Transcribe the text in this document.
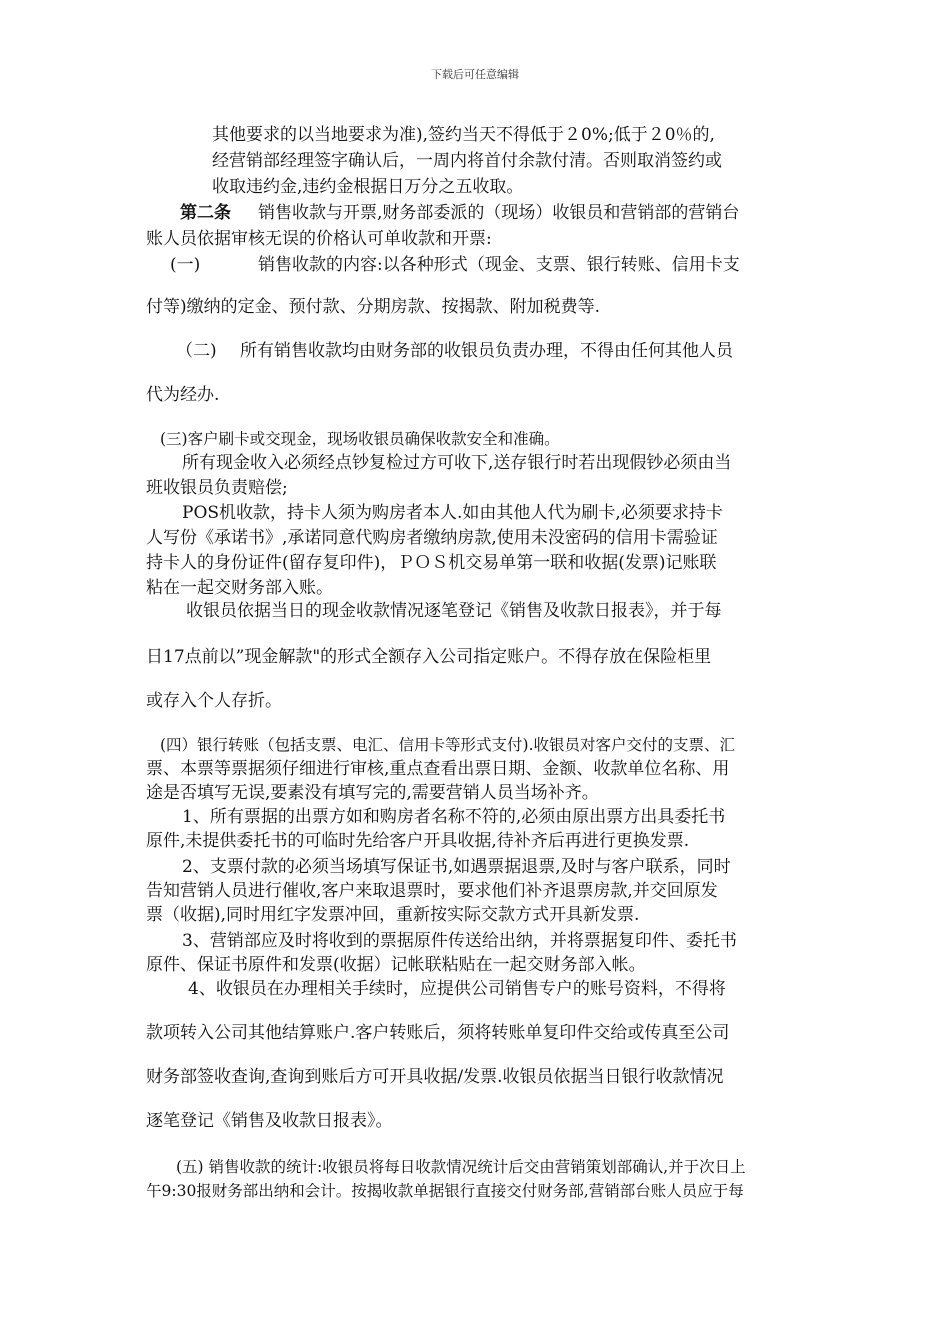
下载后可任意编辑
其他要求的以当地要求为准),签约当天不得低于２0%;低于２0％的,
经营销部经理签字确认后，一周内将首付余款付清。否则取消签约或
收取违约金,违约金根据日万分之五收取。
第二条 销售收款与开票,财务部委派的（现场）收银员和营销部的营销台
账人员依据审核无误的价格认可单收款和开票:
(一)	销售收款的内容:以各种形式（现金、支票、银行转账、信用卡支
付等)缴纳的定金、预付款、分期房款、按揭款、附加税费等.
（二) 所有销售收款均由财务部的收银员负责办理，不得由任何其他人员
代为经办.
(三)客户刷卡或交现金，现场收银员确保收款安全和准确。
所有现金收入必须经点钞复检过方可收下,送存银行时若出现假钞必须由当
班收银员负责赔偿;
POS机收款，持卡人须为购房者本人.如由其他人代为刷卡,必须要求持卡
人写份《承诺书》,承诺同意代购房者缴纳房款,使用未没密码的信用卡需验证
持卡人的身份证件(留存复印件)，ＰＯＳ机交易单第一联和收据(发票)记账联
粘在一起交财务部入账。
收银员依据当日的现金收款情况逐笔登记《销售及收款日报表》，并于每
日17点前以”现金解款"的形式全额存入公司指定账户。不得存放在保险柜里
或存入个人存折。
(四）银行转账（包括支票、电汇、信用卡等形式支付).收银员对客户交付的支票、汇
票、本票等票据须仔细进行审核,重点查看出票日期、金额、收款单位名称、用
途是否填写无误,要素没有填写完的,需要营销人员当场补齐。
1、所有票据的出票方如和购房者名称不符的,必须由原出票方出具委托书
原件,未提供委托书的可临时先给客户开具收据,待补齐后再进行更换发票.
2、支票付款的必须当场填写保证书,如遇票据退票,及时与客户联系，同时
告知营销人员进行催收,客户来取退票时，要求他们补齐退票房款,并交回原发
票（收据),同时用红字发票冲回，重新按实际交款方式开具新发票.
3、营销部应及时将收到的票据原件传送给出纳，并将票据复印件、委托书
原件、保证书原件和发票(收据）记帐联粘贴在一起交财务部入帐。
4、收银员在办理相关手续时，应提供公司销售专户的账号资料，不得将
款项转入公司其他结算账户.客户转账后，须将转账单复印件交给或传真至公司
财务部签收查询,查询到账后方可开具收据/发票.收银员依据当日银行收款情况
逐笔登记《销售及收款日报表》。
(五) 销售收款的统计:收银员将每日收款情况统计后交由营销策划部确认,并于次日上
午9:30报财务部出纳和会计。按揭收款单据银行直接交付财务部,营销部台账人员应于每
